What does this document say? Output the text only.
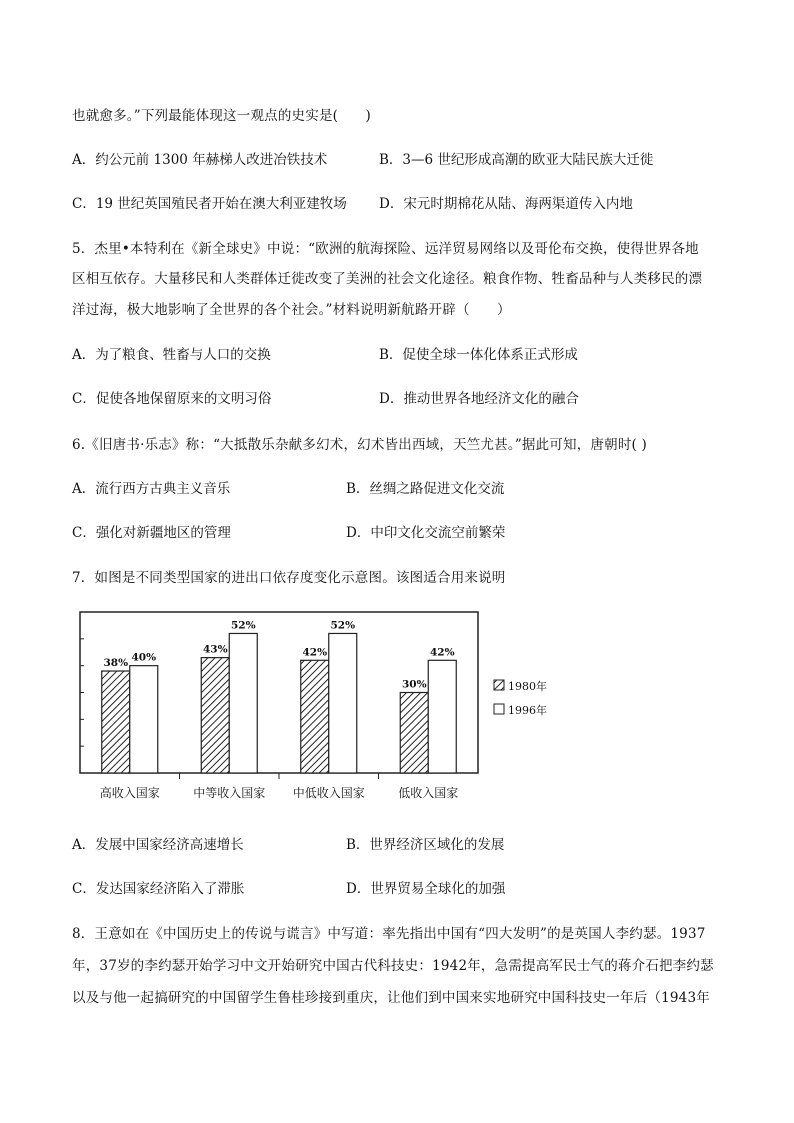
也就愈多。”下列最能体现这一观点的史实是(　　)
A．约公元前 1300 年赫梯人改进冶铁技术	B．3—6 世纪形成高潮的欧亚大陆民族大迁徙
C．19 世纪英国殖民者开始在澳大利亚建牧场 D．宋元时期棉花从陆、海两渠道传入内地
5．杰里•本特利在《新全球史》中说：“欧洲的航海探险、远洋贸易网络以及哥伦布交换，使得世界各地
区相互依存。大量移民和人类群体迁徙改变了美洲的社会文化途径。粮食作物、牲畜品种与人类移民的漂
洋过海，极大地影响了全世界的各个社会。”材料说明新航路开辟（　　）
A．为了粮食、牲畜与人口的交换	B．促使全球一体化体系正式形成
C．促使各地保留原来的文明习俗	D．推动世界各地经济文化的融合
6.《旧唐书·乐志》称：“大抵散乐杂献多幻术，幻术皆出西域，天竺尤甚。”据此可知，唐朝时( )
A．流行西方古典主义音乐	B．丝绸之路促进文化交流
C．强化对新疆地区的管理	D．中印文化交流空前繁荣
7．如图是不同类型国家的进出口依存度变化示意图。该图适合用来说明
38% 40%
43%
52%
42%
52%
30%
42%
高收入国家	中等收入国家 中低收入国家	低收入国家
1980年
1996年
A．发展中国家经济高速增长	B．世界经济区域化的发展
C．发达国家经济陷入了滞胀	D．世界贸易全球化的加强
8．王意如在《中国历史上的传说与谎言》中写道：率先指出中国有“四大发明”的是英国人李约瑟。1937
年，37岁的李约瑟开始学习中文开始研究中国古代科技史：1942年，急需提高军民士气的蒋介石把李约瑟
以及与他一起搞研究的中国留学生鲁桂珍接到重庆，让他们到中国来实地研究中国科技史一年后（1943年
